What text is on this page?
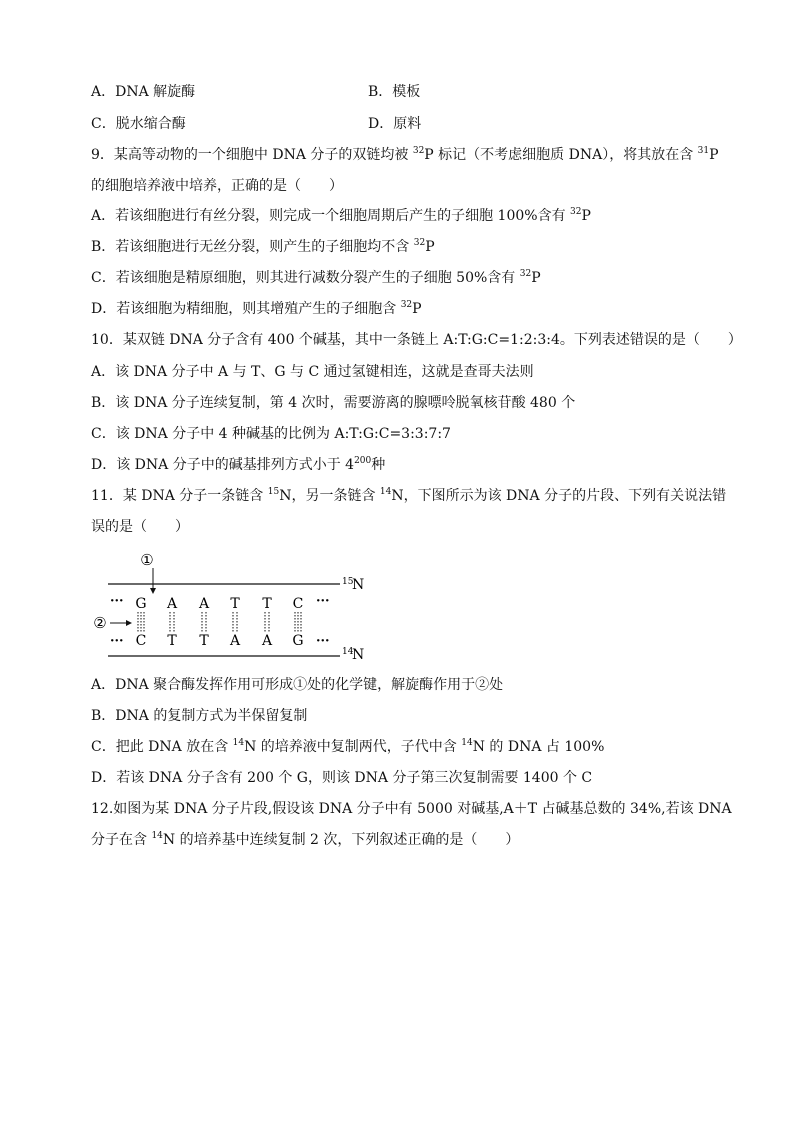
A．DNA 解旋酶	B．模板
C．脱水缩合酶	D．原料
9．某高等动物的一个细胞中 DNA 分子的双链均被 $^{32}$P 标记（不考虑细胞质 DNA），将其放在含 $^{31}$P
的细胞培养液中培养，正确的是（　　）
A．若该细胞进行有丝分裂，则完成一个细胞周期后产生的子细胞 100%含有 $^{32}$P
B．若该细胞进行无丝分裂，则产生的子细胞均不含 $^{32}$P
C．若该细胞是精原细胞，则其进行减数分裂产生的子细胞 50%含有 $^{32}$P
D．若该细胞为精细胞，则其增殖产生的子细胞含 $^{32}$P
10．某双链 DNA 分子含有 400 个碱基，其中一条链上 A:T:G:C=1:2:3:4。下列表述错误的是（　　）
A．该 DNA 分子中 A 与 T、G 与 C 通过氢键相连，这就是查哥夫法则
B．该 DNA 分子连续复制，第 4 次时，需要游离的腺嘌呤脱氧核苷酸 480 个
C．该 DNA 分子中 4 种碱基的比例为 A:T:G:C=3:3:7:7
D．该 DNA 分子中的碱基排列方式小于 $4^{200}$种
11．某 DNA 分子一条链含 $^{15}$N，另一条链含 $^{14}$N，下图所示为该 DNA 分子的片段、下列有关说法错
误的是（　　）
15
N
14
N
①
②
···	···
···	···
G A A T T C
C T T A A G
A．DNA 聚合酶发挥作用可形成①处的化学键，解旋酶作用于②处
B．DNA 的复制方式为半保留复制
C．把此 DNA 放在含 $^{14}$N 的培养液中复制两代，子代中含 $^{14}$N 的 DNA 占 100%
D．若该 DNA 分子含有 200 个 G，则该 DNA 分子第三次复制需要 1400 个 C
12.如图为某 DNA 分子片段,假设该 DNA 分子中有 5000 对碱基,A＋T 占碱基总数的 34%,若该 DNA
分子在含 $^{14}$N 的培养基中连续复制 2 次，下列叙述正确的是（　　）
